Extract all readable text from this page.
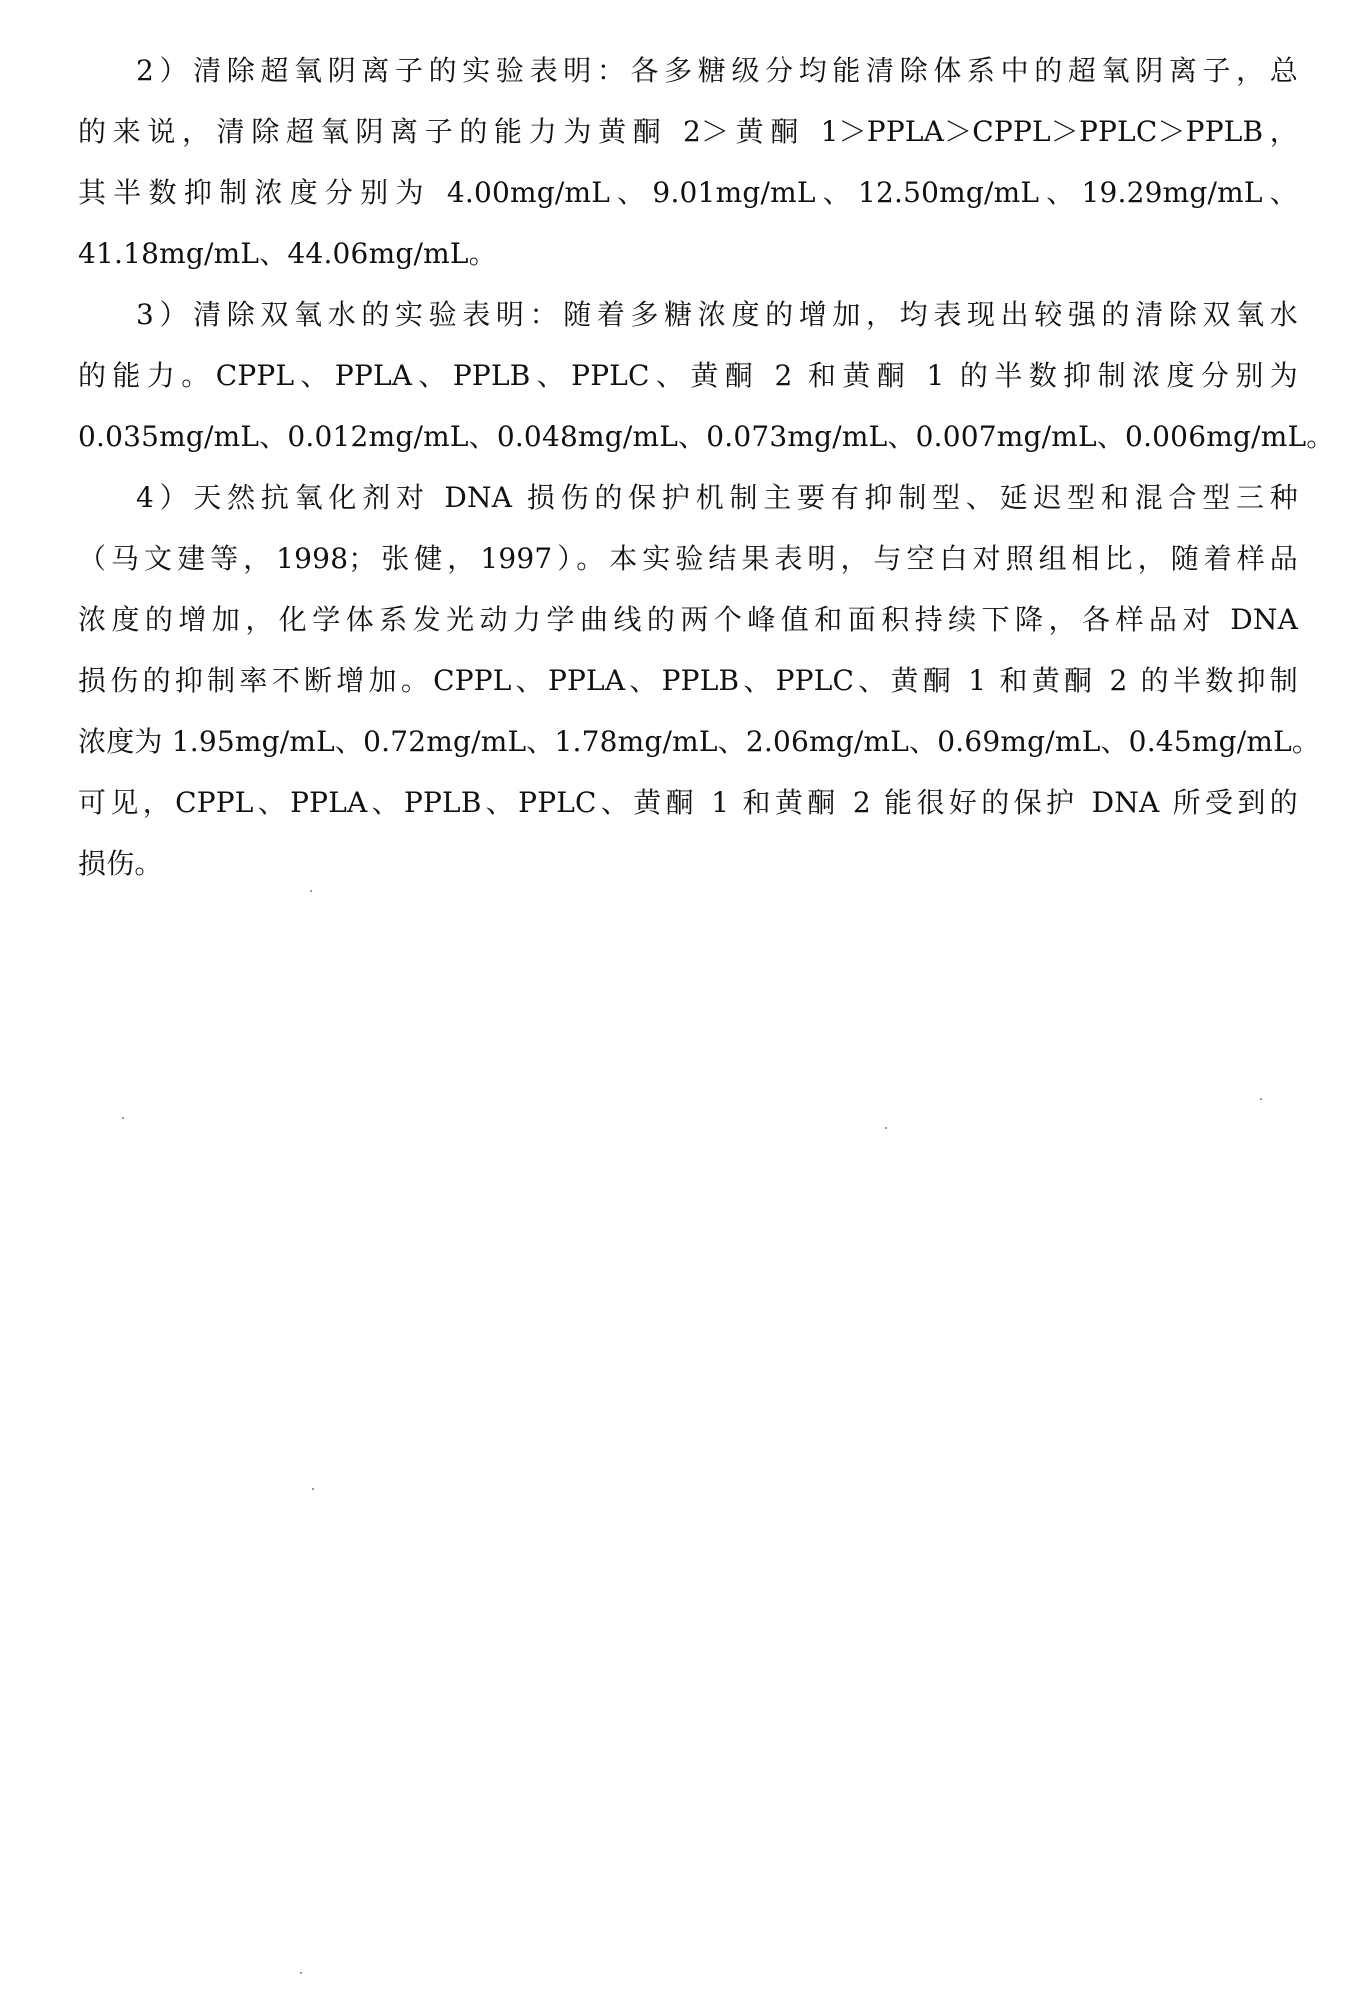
2）清除超氧阴离子的实验表明：各多糖级分均能清除体系中的超氧阴离子，总
的来说，清除超氧阴离子的能力为黄酮 2＞黄酮 1＞PPLA＞CPPL＞PPLC＞PPLB，
其半数抑制浓度分别为 4.00mg/mL、9.01mg/mL、12.50mg/mL、19.29mg/mL、
41.18mg/mL、44.06mg/mL。
3）清除双氧水的实验表明：随着多糖浓度的增加，均表现出较强的清除双氧水
的能力。CPPL、PPLA、PPLB、PPLC、黄酮 2 和黄酮 1 的半数抑制浓度分别为
0.035mg/mL、0.012mg/mL、0.048mg/mL、0.073mg/mL、0.007mg/mL、0.006mg/mL。
4）天然抗氧化剂对 DNA 损伤的保护机制主要有抑制型、延迟型和混合型三种
（马文建等，1998；张健，1997）。本实验结果表明，与空白对照组相比，随着样品
浓度的增加，化学体系发光动力学曲线的两个峰值和面积持续下降，各样品对 DNA
损伤的抑制率不断增加。CPPL、PPLA、PPLB、PPLC、黄酮 1 和黄酮 2 的半数抑制
浓度为 1.95mg/mL、0.72mg/mL、1.78mg/mL、2.06mg/mL、0.69mg/mL、0.45mg/mL。
可见，CPPL、PPLA、PPLB、PPLC、黄酮 1 和黄酮 2 能很好的保护 DNA 所受到的
损伤。
